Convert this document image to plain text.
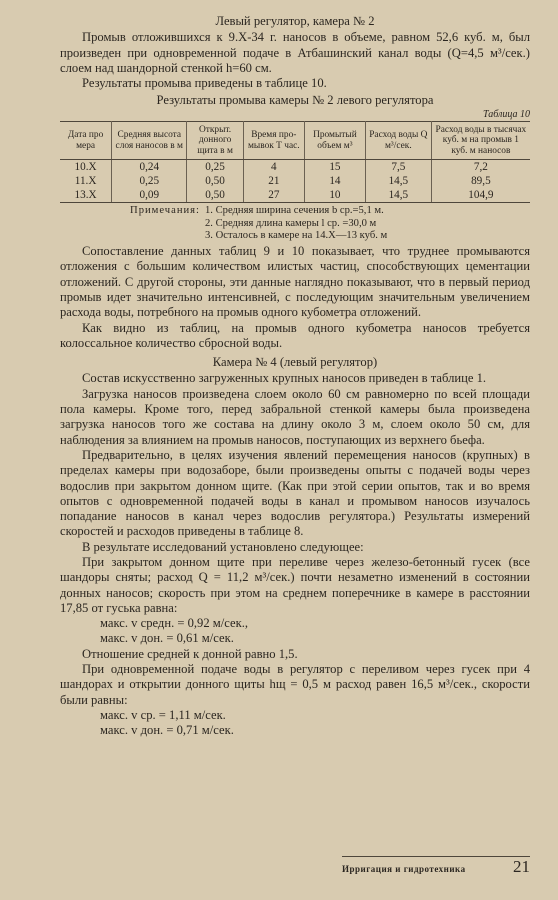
Левый регулятор, камера № 2

Промыв отложившихся к 9.X-34 г. наносов в объеме, равном 52,6 куб. м, был произведен при одновременной подаче в Атбашинский канал воды (Q=4,5 м³/сек.) слоем над шандорной стенкой h=60 см.

Результаты промыва приведены в таблице 10.

Результаты промыва камеры № 2 левого регулятора
Таблица 10
Дата про мера	Средняя высота слоя наносов в м	Открыт. донного щита в м	Время промывок Т час.	Промытый объем м³	Расход воды Q м³/сек.	Расход воды в тысячах куб. м на промыв 1 куб. м наносов
10.X	0,24	0,25	4	15	7,5	7,2
11.X	0,25	0,50	21	14	14,5	89,5
13.X	0,09	0,50	27	10	14,5	104,9
Примечания: 1. Средняя ширина сечения b ср.=5,1 м.
2. Средняя длина камеры l ср. =30,0 м
3. Осталось в камере на 14.X—13 куб. м

Сопоставление данных таблиц 9 и 10 показывает, что труднее промываются отложения с большим количеством илистых частиц, способствующих цементации отложений. С другой стороны, эти данные наглядно показывают, что в первый период промыв идет значительно интенсивней, с последующим значительным увеличением расхода воды, потребного на промыв одного кубометра отложений.

Как видно из таблиц, на промыв одного кубометра наносов требуется колоссальное количество сбросной воды.

Камера № 4 (левый регулятор)

Состав искусственно загруженных крупных наносов приведен в таблице 1.

Загрузка наносов произведена слоем около 60 см равномерно по всей площади пола камеры. Кроме того, перед забральной стенкой камеры была произведена загрузка наносов того же состава на длину около 3 м, слоем около 50 см, для наблюдения за влиянием на промыв наносов, поступающих из верхнего бьефа.

Предварительно, в целях изучения явлений перемещения наносов (крупных) в пределах камеры при водозаборе, были произведены опыты с подачей воды через водослив при закрытом донном щите. (Как при этой серии опытов, так и во время опытов с одновременной подачей воды в канал и промывом наносов изучалось попадание наносов в канал через водослив регулятора.) Результаты измерений скоростей и расходов приведены в таблице 8.

В результате исследований установлено следующее:

При закрытом донном щите при переливе через железо-бетонный гусек (все шандоры сняты; расход Q = 11,2 м³/сек.) почти незаметно изменений в состоянии донных наносов; скорость при этом на среднем поперечнике в камере в расстоянии 17,85 от гуська равна:

макс. v средн. = 0,92 м/сек.,
макс. v дон. = 0,61 м/сек.

Отношение средней к донной равно 1,5.

При одновременной подаче воды в регулятор с переливом через гусек при 4 шандорах и открытии донного щиты hщ = 0,5 м расход равен 16,5 м³/сек., скорости были равны:

макс. v ср. = 1,11 м/сек.
макс. v дон. = 0,71 м/сек.
Ирригация и гидротехника	21
